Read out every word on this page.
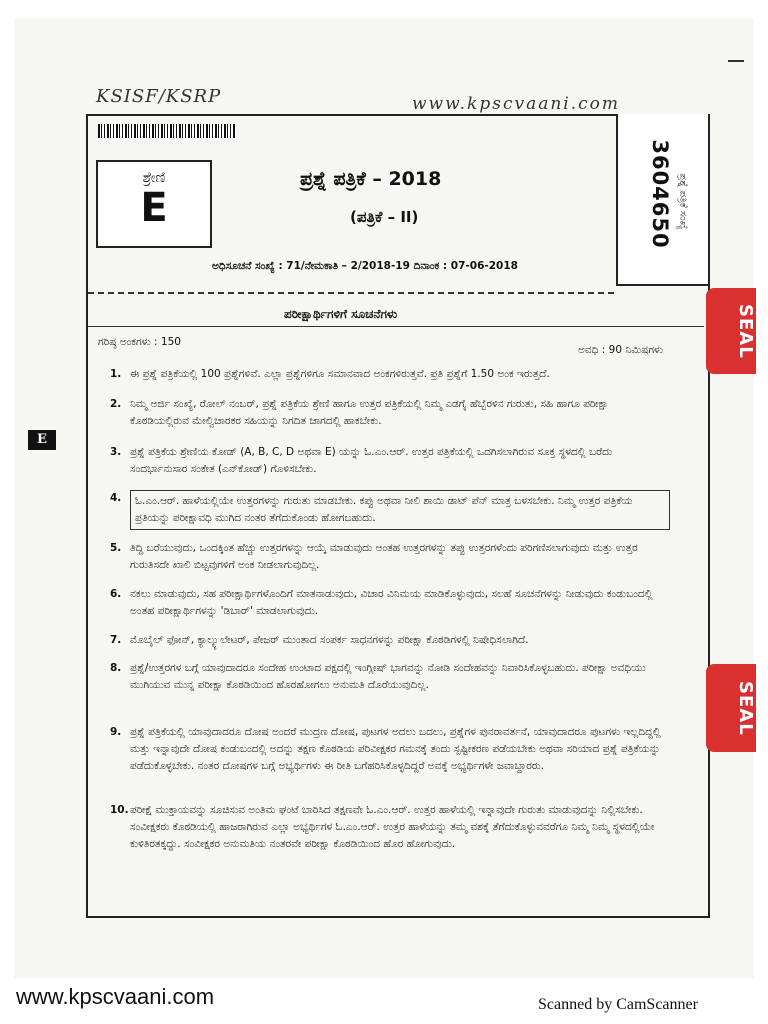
KSISF/KSRP	www.kpscvaani.com
ಶ್ರೇಣಿ
E	3604650 ಪ್ರಶ್ನೆ ಪತ್ರಿಕೆ ಸಂಖ್ಯೆ
ಪ್ರಶ್ನೆ ಪತ್ರಿಕೆ – 2018
(ಪತ್ರಿಕೆ – II)
ಅಧಿಸೂಚನೆ ಸಂಖ್ಯೆ : 71/ನೇಮಕಾತಿ – 2/2018-19 ದಿನಾಂಕ : 07-06-2018
ಪರೀಕ್ಷಾರ್ಥಿಗಳಿಗೆ ಸೂಚನೆಗಳು
ಗರಿಷ್ಠ ಅಂಕಗಳು : 150
ಅವಧಿ : 90 ನಿಮಿಷಗಳು
1. ಈ ಪ್ರಶ್ನೆ ಪತ್ರಿಕೆಯಲ್ಲಿ 100 ಪ್ರಶ್ನೆಗಳಿವೆ. ಎಲ್ಲಾ ಪ್ರಶ್ನೆಗಳಿಗೂ ಸಮಾನವಾದ ಅಂಕಗಳಿರುತ್ತವೆ. ಪ್ರತಿ ಪ್ರಶ್ನೆಗೆ 1.50 ಅಂಕ ಇರುತ್ತದೆ.
2. ನಿಮ್ಮ ಅರ್ಜಿ ಸಂಖ್ಯೆ, ರೋಲ್ ನಂಬರ್, ಪ್ರಶ್ನೆ ಪತ್ರಿಕೆಯ ಶ್ರೇಣಿ ಹಾಗೂ ಉತ್ತರ ಪತ್ರಿಕೆಯಲ್ಲಿ ನಿಮ್ಮ ಎಡಗೈ ಹೆಬ್ಬೆರಳಿನ ಗುರುತು, ಸಹಿ ಹಾಗೂ ಪರೀಕ್ಷಾ ಕೊಠಡಿಯಲ್ಲಿರುವ ಮೇಲ್ವಿಚಾರಕರ ಸಹಿಯನ್ನು ನಿಗದಿತ ಜಾಗದಲ್ಲಿ ಹಾಕಬೇಕು.
3. ಪ್ರಶ್ನೆ ಪತ್ರಿಕೆಯ ಶ್ರೇಣಿಯ ಕೋಡ್ (A, B, C, D ಅಥವಾ E) ಯನ್ನು ಓ.ಎಂ.ಆರ್. ಉತ್ತರ ಪತ್ರಿಕೆಯಲ್ಲಿ ಒದಗಿಸಲಾಗಿರುವ ಸೂಕ್ತ ಸ್ಥಳದಲ್ಲಿ ಬರೆದು ಸಂದರ್ಭಾನುಸಾರ ಸಂಕೇತ (ಎನ್‌ಕೋಡ್) ಗೊಳಿಸಬೇಕು.
4.	ಓ.ಎಂ.ಆರ್. ಹಾಳೆಯಲ್ಲಿಯೇ ಉತ್ತರಗಳನ್ನು ಗುರುತು ಮಾಡಬೇಕು. ಕಪ್ಪು ಅಥವಾ ನೀಲಿ ಶಾಯಿ ಡಾಟ್ ಪೆನ್ ಮಾತ್ರ ಬಳಸಬೇಕು. ನಿಮ್ಮ ಉತ್ತರ ಪತ್ರಿಕೆಯ ಪ್ರತಿಯನ್ನು ಪರೀಕ್ಷಾವಧಿ ಮುಗಿದ ನಂತರ ತೆಗೆದುಕೊಂಡು ಹೋಗಬಹುದು.
5. ತಿದ್ದಿ ಬರೆಯುವುದು, ಒಂದಕ್ಕಿಂತ ಹೆಚ್ಚು ಉತ್ತರಗಳನ್ನು ಆಯ್ಕೆ ಮಾಡುವುದು ಅಂತಹ ಉತ್ತರಗಳನ್ನು ತಪ್ಪು ಉತ್ತರಗಳೆಂದು ಪರಿಗಣಿಸಲಾಗುವುದು ಮತ್ತು ಉತ್ತರ ಗುರುತಿಸದೇ ಖಾಲಿ ಬಿಟ್ಟವುಗಳಿಗೆ ಅಂಕ ನೀಡಲಾಗುವುದಿಲ್ಲ.
6. ನಕಲು ಮಾಡುವುದು, ಸಹ ಪರೀಕ್ಷಾರ್ಥಿಗಳೊಂದಿಗೆ ಮಾತನಾಡುವುದು, ವಿಚಾರ ವಿನಿಮಯ ಮಾಡಿಕೊಳ್ಳುವುದು, ಸಲಹೆ ಸೂಚನೆಗಳನ್ನು ನೀಡುವುದು ಕಂಡುಬಂದಲ್ಲಿ ಅಂತಹ ಪರೀಕ್ಷಾರ್ಥಿಗಳನ್ನು 'ಡಿಬಾರ್' ಮಾಡಲಾಗುವುದು.
7. ಮೊಬೈಲ್ ಫೋನ್, ಕ್ಯಾಲ್ಕ್ಯುಲೇಟರ್, ಪೇಜರ್ ಮುಂತಾದ ಸಂಪರ್ಕ ಸಾಧನಗಳನ್ನು ಪರೀಕ್ಷಾ ಕೊಠಡಿಗಳಲ್ಲಿ ನಿಷೇಧಿಸಲಾಗಿದೆ.
8. ಪ್ರಶ್ನೆ/ಉತ್ತರಗಳ ಬಗ್ಗೆ ಯಾವುದಾದರೂ ಸಂದೇಹ ಉಂಟಾದ ಪಕ್ಷದಲ್ಲಿ ಇಂಗ್ಲೀಷ್ ಭಾಗವನ್ನು ನೋಡಿ ಸಂದೇಹವನ್ನು ನಿವಾರಿಸಿಕೊಳ್ಳಬಹುದು. ಪರೀಕ್ಷಾ ಅವಧಿಯು ಮುಗಿಯುವ ಮುನ್ನ ಪರೀಕ್ಷಾ ಕೊಠಡಿಯಿಂದ ಹೊರಹೋಗಲು ಅನುಮತಿ ದೊರೆಯುವುದಿಲ್ಲ.
9. ಪ್ರಶ್ನೆ ಪತ್ರಿಕೆಯಲ್ಲಿ ಯಾವುದಾದರೂ ದೋಷ ಅಂದರೆ ಮುದ್ರಣ ದೋಷ, ಪುಟಗಳ ಅದಲು ಬದಲು, ಪ್ರಶ್ನೆಗಳ ಪುನರಾವರ್ತನೆ, ಯಾವುದಾದರೂ ಪುಟಗಳು ಇಲ್ಲದಿದ್ದಲ್ಲಿ ಮತ್ತು ಇನ್ನಾವುದೇ ದೋಷ ಕಂಡುಬಂದಲ್ಲಿ ಅದನ್ನು ತಕ್ಷಣ ಕೊಠಡಿಯ ಪರಿವೀಕ್ಷಕರ ಗಮನಕ್ಕೆ ತಂದು ಸ್ಪಷ್ಟೀಕರಣ ಪಡೆಯಬೇಕು ಅಥವಾ ಸರಿಯಾದ ಪ್ರಶ್ನೆ ಪತ್ರಿಕೆಯನ್ನು ಪಡೆದುಕೊಳ್ಳಬೇಕು. ನಂತರ ದೋಷಗಳ ಬಗ್ಗೆ ಅಭ್ಯರ್ಥಿಗಳು ಈ ರೀತಿ ಬಗೆಹರಿಸಿಕೊಳ್ಳದಿದ್ದರೆ ಅವಕ್ಕೆ ಅಭ್ಯರ್ಥಿಗಳೇ ಜವಾಬ್ದಾರರು.
10. ಪರೀಕ್ಷೆ ಮುಕ್ತಾಯವನ್ನು ಸೂಚಿಸುವ ಅಂತಿಮ ಘಂಟೆ ಬಾರಿಸಿದ ತಕ್ಷಣವೇ ಓ.ಎಂ.ಆರ್. ಉತ್ತರ ಹಾಳೆಯಲ್ಲಿ ಇನ್ನಾವುದೇ ಗುರುತು ಮಾಡುವುದನ್ನು ನಿಲ್ಲಿಸಬೇಕು. ಸಂವೀಕ್ಷಕರು ಕೊಠಡಿಯಲ್ಲಿ ಹಾಜರಾಗಿರುವ ಎಲ್ಲಾ ಅಭ್ಯರ್ಥಿಗಳ ಓ.ಎಂ.ಆರ್. ಉತ್ತರ ಹಾಳೆಯನ್ನು ತಮ್ಮ ವಶಕ್ಕೆ ತೆಗೆದುಕೊಳ್ಳುವವರೆಗೂ ನಿಮ್ಮ ನಿಮ್ಮ ಸ್ಥಳದಲ್ಲಿಯೇ ಕುಳಿತಿರತಕ್ಕದ್ದು. ಸಂವೀಕ್ಷಕರ ಅನುಮತಿಯ ನಂತರವೇ ಪರೀಕ್ಷಾ ಕೊಠಡಿಯಿಂದ ಹೊರ ಹೋಗುವುದು.
SEAL
SEAL
E
www.kpscvaani.com	Scanned by CamScanner
